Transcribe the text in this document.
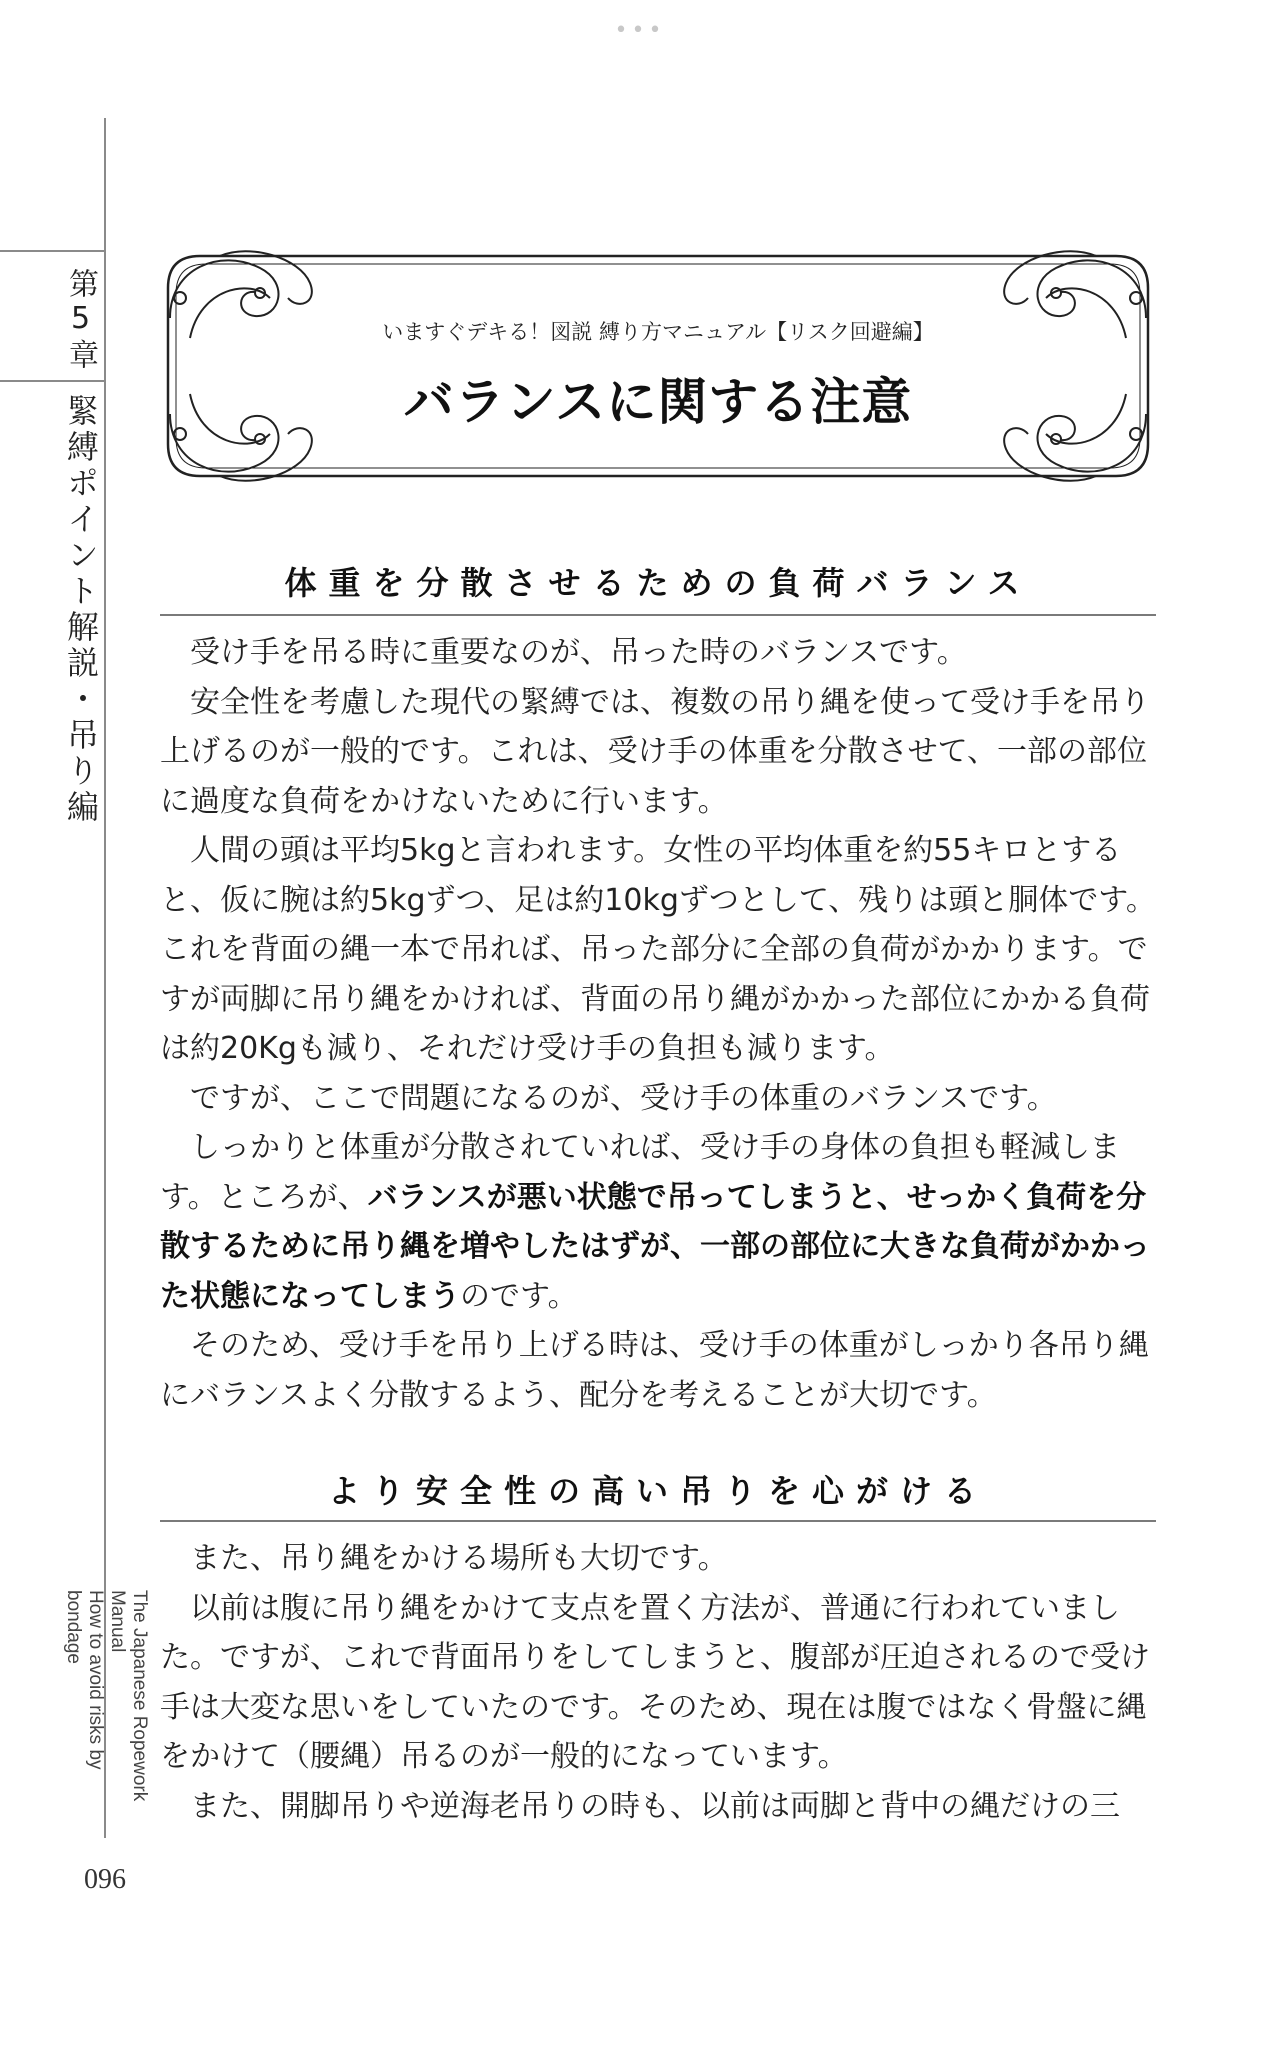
•••
第5章
緊縛ポイント解説・吊り編
The Japanese Ropework Manual
How to avoid risks by bondage
096
いますぐデキる！図説 縛り方マニュアル【リスク回避編】
バランスに関する注意
体重を分散させるための負荷バランス

受け手を吊る時に重要なのが、吊った時のバランスです。

安全性を考慮した現代の緊縛では、複数の吊り縄を使って受け手を吊り上げるのが一般的です。これは、受け手の体重を分散させて、一部の部位に過度な負荷をかけないために行います。

人間の頭は平均5kgと言われます。女性の平均体重を約55キロとすると、仮に腕は約5kgずつ、足は約10kgずつとして、残りは頭と胴体です。これを背面の縄一本で吊れば、吊った部分に全部の負荷がかかります。ですが両脚に吊り縄をかければ、背面の吊り縄がかかった部位にかかる負荷は約20Kgも減り、それだけ受け手の負担も減ります。

ですが、ここで問題になるのが、受け手の体重のバランスです。

しっかりと体重が分散されていれば、受け手の身体の負担も軽減します。ところが、バランスが悪い状態で吊ってしまうと、せっかく負荷を分散するために吊り縄を増やしたはずが、一部の部位に大きな負荷がかかった状態になってしまうのです。

そのため、受け手を吊り上げる時は、受け手の体重がしっかり各吊り縄にバランスよく分散するよう、配分を考えることが大切です。

より安全性の高い吊りを心がける

また、吊り縄をかける場所も大切です。

以前は腹に吊り縄をかけて支点を置く方法が、普通に行われていました。ですが、これで背面吊りをしてしまうと、腹部が圧迫されるので受け手は大変な思いをしていたのです。そのため、現在は腹ではなく骨盤に縄をかけて（腰縄）吊るのが一般的になっています。

また、開脚吊りや逆海老吊りの時も、以前は両脚と背中の縄だけの三
